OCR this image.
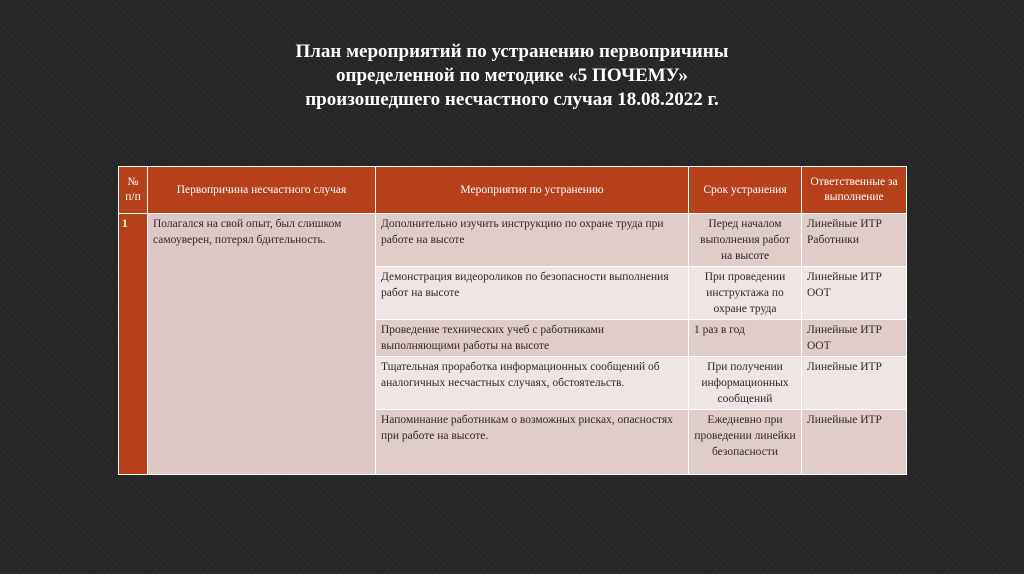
План мероприятий по устранению первопричины
определенной по методике «5 ПОЧЕМУ»
произошедшего несчастного случая 18.08.2022 г.
№ п/п	Первопричина несчастного случая	Мероприятия по устранению	Срок устранения	Ответственные за выполнение
1	Полагался на свой опыт, был слишком самоуверен, потерял бдительность.	Дополнительно изучить инструкцию по охране труда при работе на высоте	Перед началом выполнения работ на высоте	Линейные ИТР Работники
		Демонстрация видеороликов по безопасности выполнения работ на высоте	При проведении инструктажа по охране труда	Линейные ИТР ООТ
		Проведение технических учеб с работниками выполняющими работы на высоте	1 раз в год	Линейные ИТР ООТ
		Тщательная проработка информационных сообщений об аналогичных несчастных случаях, обстоятельств.	При получении информационных сообщений	Линейные ИТР
		Напоминание работникам о возможных рисках, опасностях при работе на высоте.	Ежедневно при проведении линейки безопасности	Линейные ИТР
